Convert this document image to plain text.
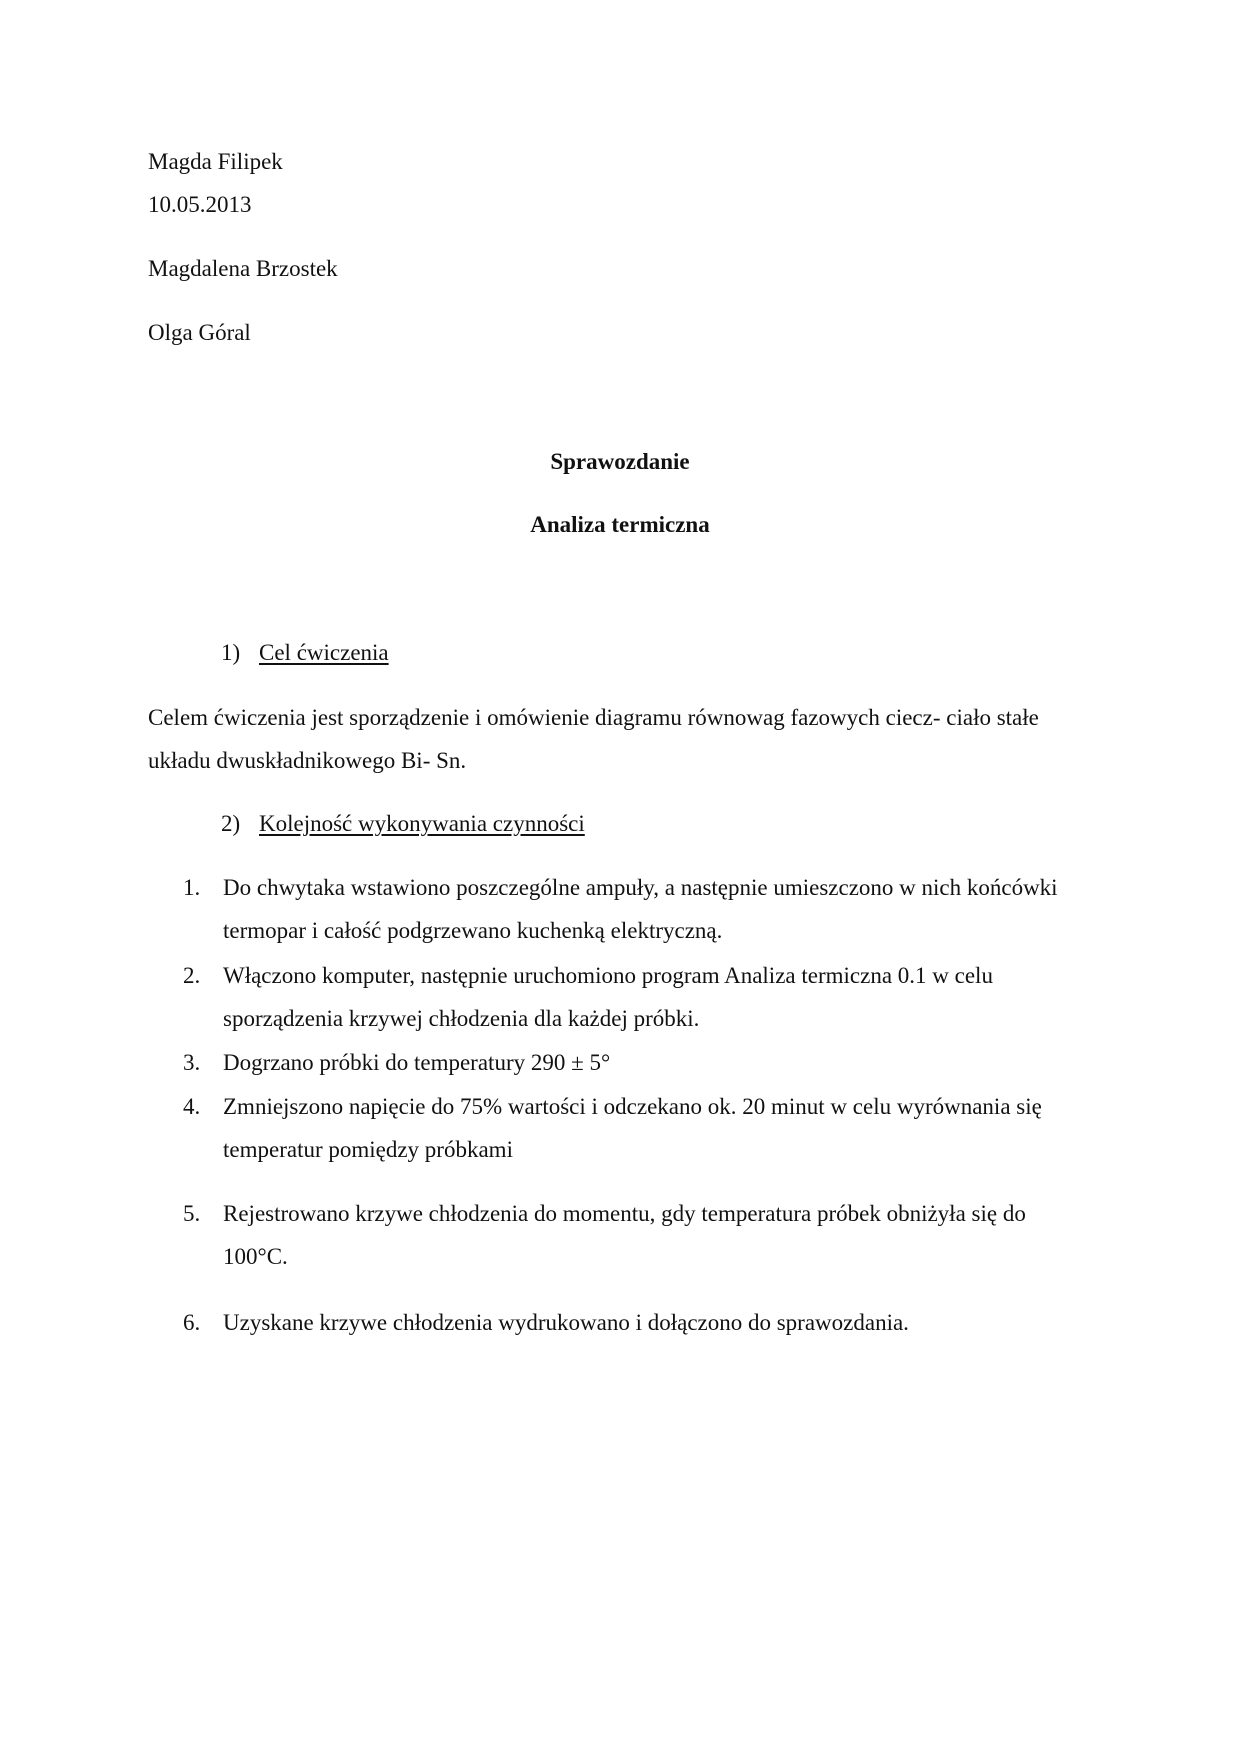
Magda Filipek
10.05.2013
Magdalena Brzostek
Olga Góral
Sprawozdanie
Analiza termiczna
1) Cel ćwiczenia
Celem ćwiczenia jest sporządzenie i omówienie diagramu równowag fazowych ciecz- ciało stałe układu dwuskładnikowego Bi- Sn.
2) Kolejność wykonywania czynności
1. Do chwytaka wstawiono poszczególne ampuły, a następnie umieszczono w nich końcówki termopar i całość podgrzewano kuchenką elektryczną.
2. Włączono komputer, następnie uruchomiono program Analiza termiczna 0.1 w celu sporządzenia krzywej chłodzenia dla każdej próbki.
3. Dogrzano próbki do temperatury 290 ± 5°
4. Zmniejszono napięcie do 75% wartości i odczekano ok. 20 minut w celu wyrównania się temperatur pomiędzy próbkami
5. Rejestrowano krzywe chłodzenia do momentu, gdy temperatura próbek obniżyła się do 100°C.
6. Uzyskane krzywe chłodzenia wydrukowano i dołączono do sprawozdania.
